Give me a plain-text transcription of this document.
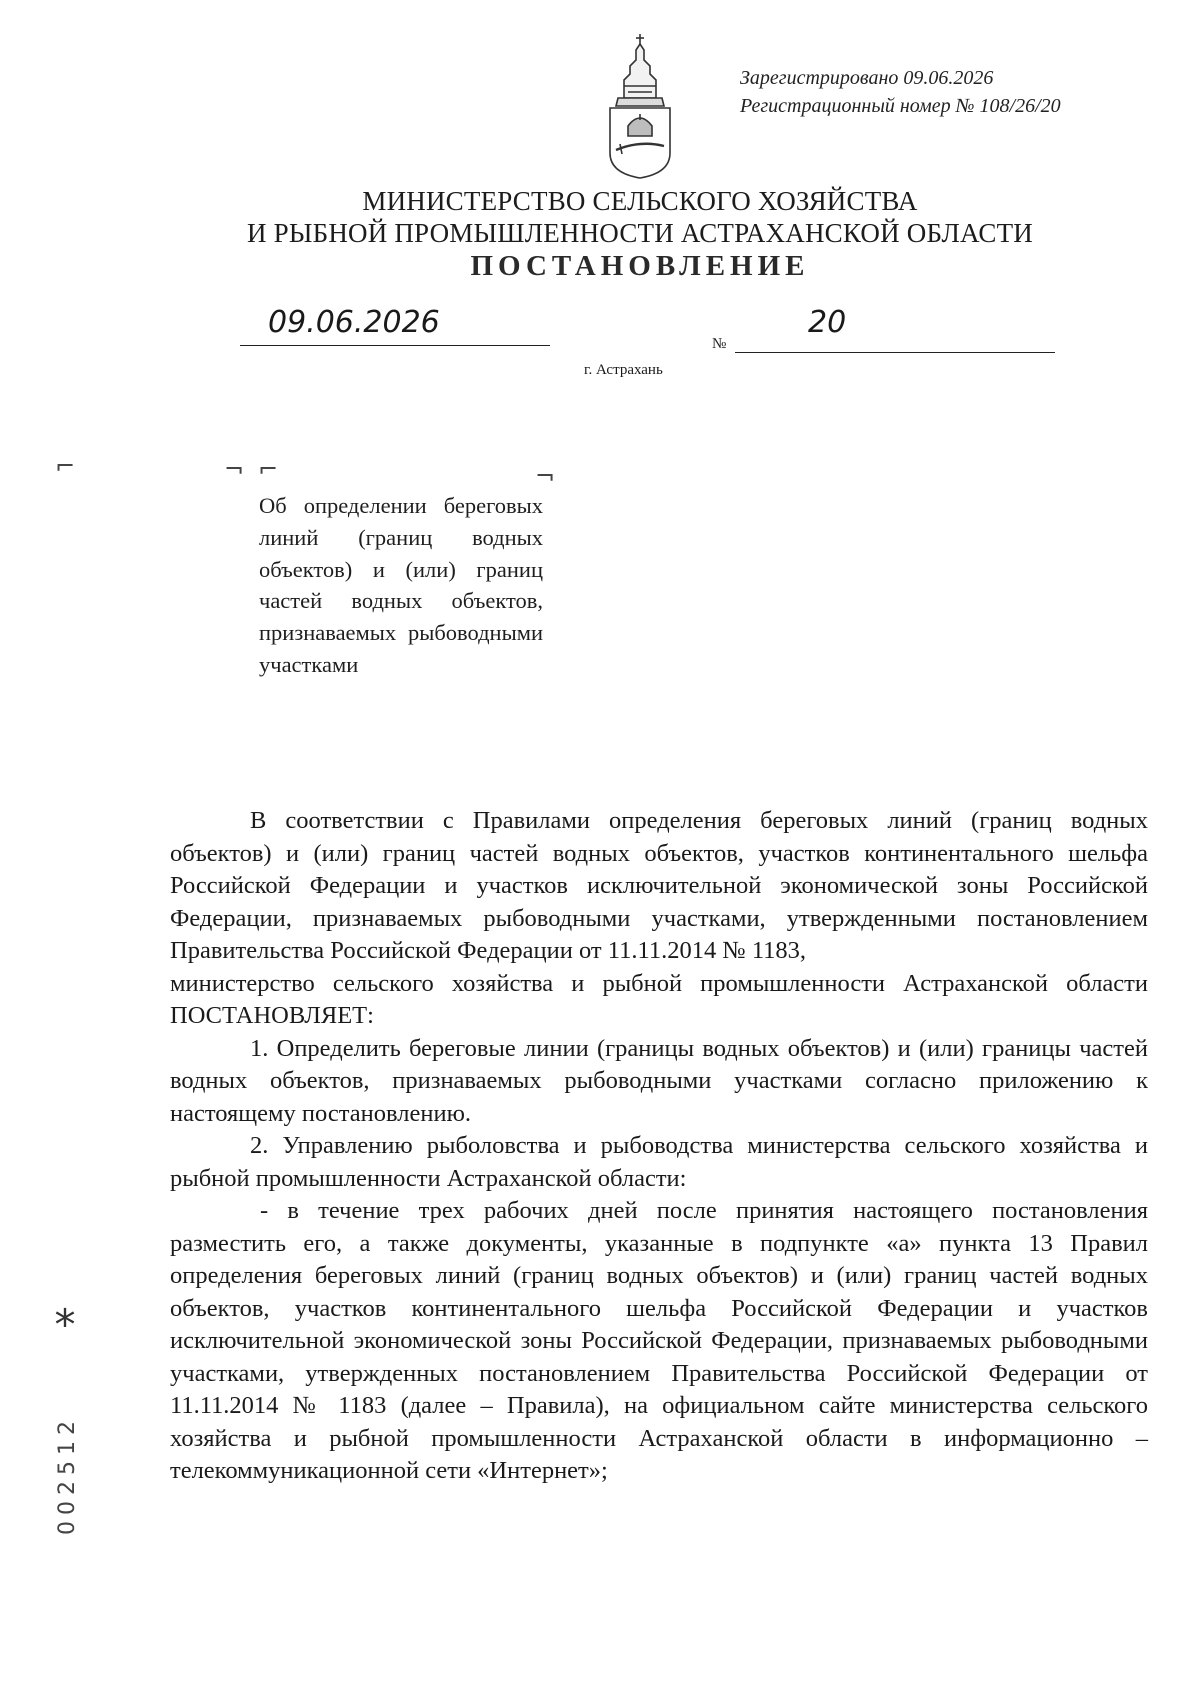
Зарегистрировано 09.06.2026
Регистрационный номер № 108/26/20
МИНИСТЕРСТВО СЕЛЬСКОГО ХОЗЯЙСТВА
И РЫБНОЙ ПРОМЫШЛЕННОСТИ АСТРАХАНСКОЙ ОБЛАСТИ
ПОСТАНОВЛЕНИЕ
09.06.2026
№
20
г. Астрахань
⌐	¬ ⌐	¬
Об определении береговых линий (границ водных объектов) и (или) границ частей водных объектов, признаваемых рыбоводными участками

В соответствии с Правилами определения береговых линий (границ водных объектов) и (или) границ частей водных объектов, участков континентального шельфа Российской Федерации и участков исключительной экономической зоны Российской Федерации, признаваемых рыбоводными участками, утвержденными постановлением Правительства Российской Федерации от 11.11.2014 № 1183,

министерство сельского хозяйства и рыбной промышленности Астраханской области ПОСТАНОВЛЯЕТ:

1. Определить береговые линии (границы водных объектов) и (или) границы частей водных объектов, признаваемых рыбоводными участками согласно приложению к настоящему постановлению.

2. Управлению рыболовства и рыбоводства министерства сельского хозяйства и рыбной промышленности Астраханской области:

- в течение трех рабочих дней после принятия настоящего постановления разместить его, а также документы, указанные в подпункте «а» пункта 13 Правил определения береговых линий (границ водных объектов) и (или) границ частей водных объектов, участков континентального шельфа Российской Федерации и участков исключительной экономической зоны Российской Федерации, признаваемых рыбоводными участками, утвержденных постановлением Правительства Российской Федерации от 11.11.2014 № 1183 (далее – Правила), на официальном сайте министерства сельского хозяйства и рыбной промышленности Астраханской области в информационно – телекоммуникационной сети «Интернет»;

*
002512
